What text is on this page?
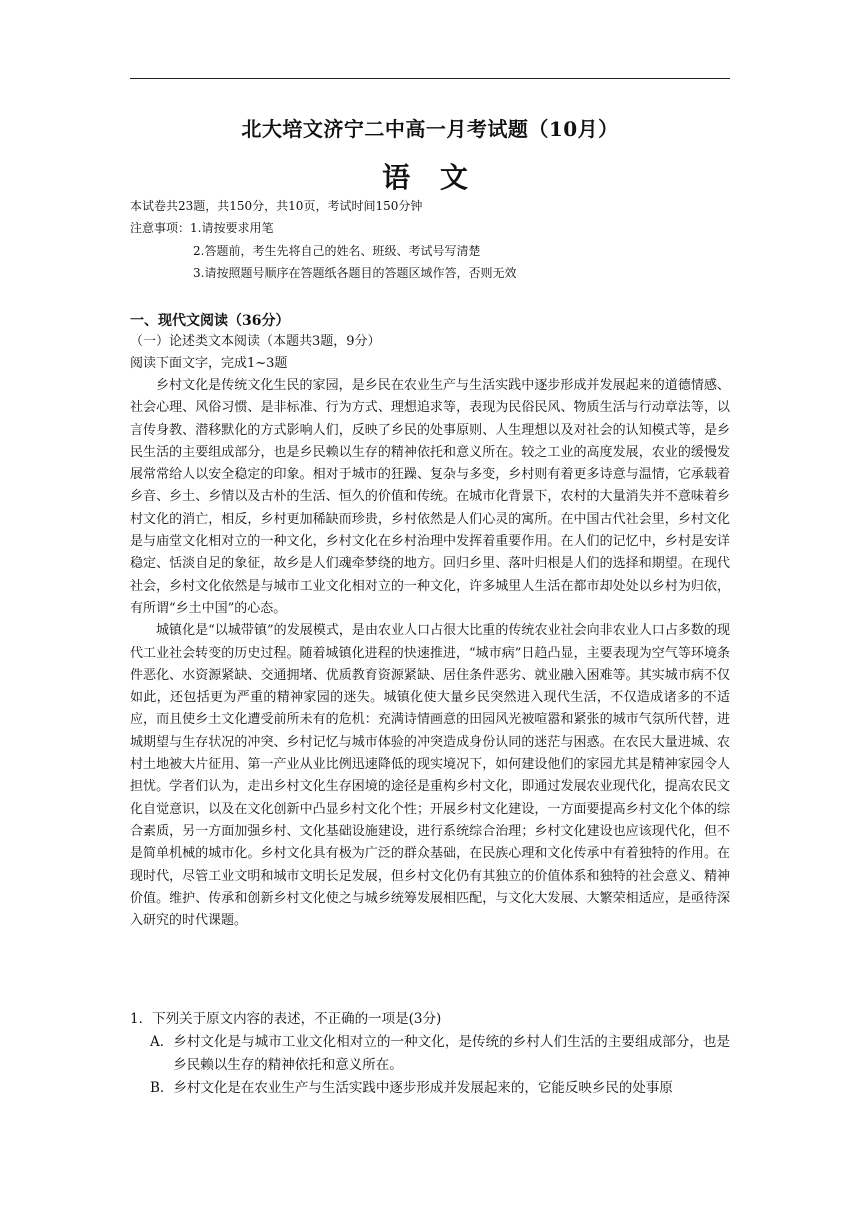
北大培文济宁二中高一月考试题（10月）
语 文
本试卷共23题，共150分，共10页，考试时间150分钟
注意事项：1.请按要求用笔
2.答题前，考生先将自己的姓名、班级、考试号写清楚
3.请按照题号顺序在答题纸各题目的答题区域作答，否则无效
一、现代文阅读（36分）
（一）论述类文本阅读（本题共3题，9分）
阅读下面文字，完成1~3题

乡村文化是传统文化生民的家园，是乡民在农业生产与生活实践中逐步形成并发展起来的道德情感、社会心理、风俗习惯、是非标准、行为方式、理想追求等，表现为民俗民风、物质生活与行动章法等，以言传身教、潜移默化的方式影响人们，反映了乡民的处事原则、人生理想以及对社会的认知模式等，是乡民生活的主要组成部分，也是乡民赖以生存的精神依托和意义所在。较之工业的高度发展，农业的缓慢发展常常给人以安全稳定的印象。相对于城市的狂躁、复杂与多变，乡村则有着更多诗意与温情，它承载着乡音、乡土、乡情以及古朴的生活、恒久的价值和传统。在城市化背景下，农村的大量消失并不意味着乡村文化的消亡，相反，乡村更加稀缺而珍贵，乡村依然是人们心灵的寓所。在中国古代社会里，乡村文化是与庙堂文化相对立的一种文化，乡村文化在乡村治理中发挥着重要作用。在人们的记忆中，乡村是安详稳定、恬淡自足的象征，故乡是人们魂牵梦绕的地方。回归乡里、落叶归根是人们的选择和期望。在现代社会，乡村文化依然是与城市工业文化相对立的一种文化，许多城里人生活在都市却处处以乡村为归依，有所谓“乡土中国”的心态。

城镇化是“以城带镇”的发展模式，是由农业人口占很大比重的传统农业社会向非农业人口占多数的现代工业社会转变的历史过程。随着城镇化进程的快速推进，“城市病”日趋凸显，主要表现为空气等环境条件恶化、水资源紧缺、交通拥堵、优质教育资源紧缺、居住条件恶劣、就业融入困难等。其实城市病不仅如此，还包括更为严重的精神家园的迷失。城镇化使大量乡民突然进入现代生活，不仅造成诸多的不适应，而且使乡土文化遭受前所未有的危机：充满诗情画意的田园风光被喧嚣和紧张的城市气氛所代替，进城期望与生存状况的冲突、乡村记忆与城市体验的冲突造成身份认同的迷茫与困惑。在农民大量进城、农村土地被大片征用、第一产业从业比例迅速降低的现实境况下，如何建设他们的家园尤其是精神家园令人担忧。学者们认为，走出乡村文化生存困境的途径是重构乡村文化，即通过发展农业现代化，提高农民文化自觉意识，以及在文化创新中凸显乡村文化个性；开展乡村文化建设，一方面要提高乡村文化个体的综合素质，另一方面加强乡村、文化基础设施建设，进行系统综合治理；乡村文化建设也应该现代化，但不是简单机械的城市化。乡村文化具有极为广泛的群众基础，在民族心理和文化传承中有着独特的作用。在现时代，尽管工业文明和城市文明长足发展，但乡村文化仍有其独立的价值体系和独特的社会意义、精神价值。维护、传承和创新乡村文化使之与城乡统筹发展相匹配，与文化大发展、大繁荣相适应，是亟待深入研究的时代课题。

1．下列关于原文内容的表述，不正确的一项是(3分)

A． 乡村文化是与城市工业文化相对立的一种文化，是传统的乡村人们生活的主要组成部分，也是乡民赖以生存的精神依托和意义所在。
B． 乡村文化是在农业生产与生活实践中逐步形成并发展起来的，它能反映乡民的处事原
